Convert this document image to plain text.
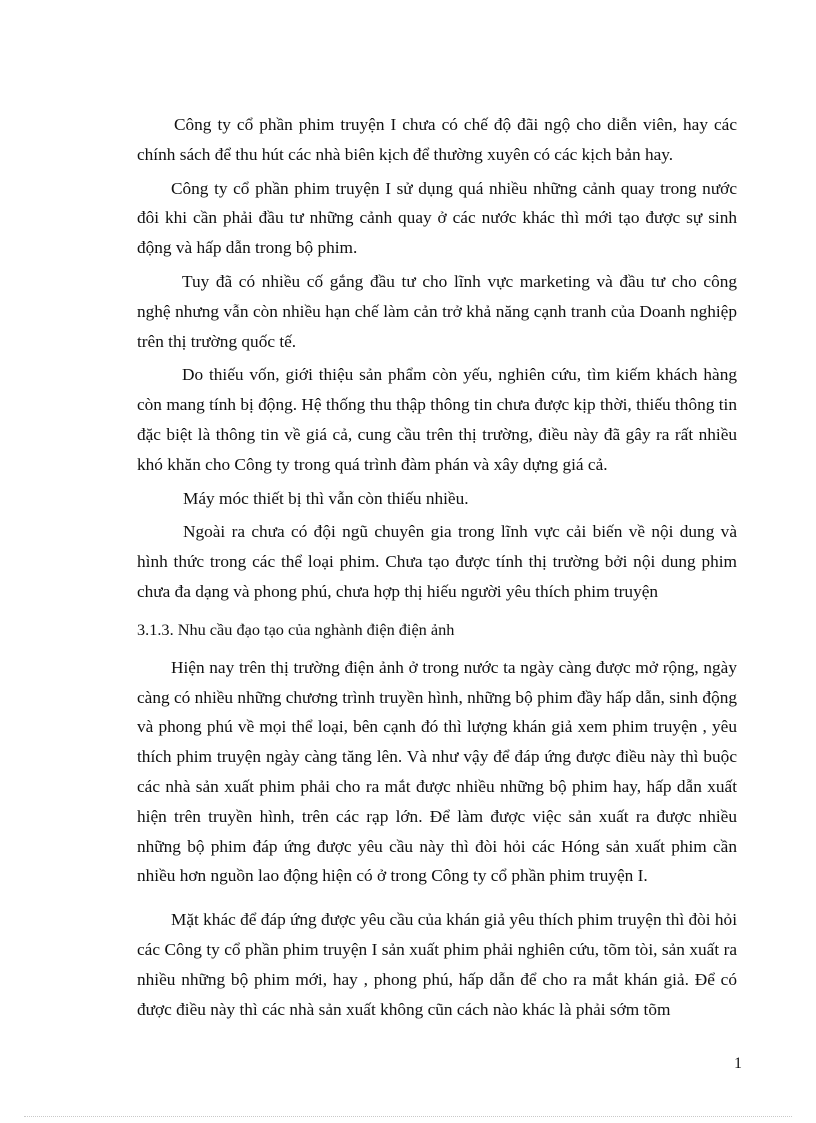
Công ty cổ phần phim truyện I chưa có chế độ đãi ngộ cho diễn viên, hay các chính sách để thu hút các nhà biên kịch để thường xuyên có các kịch bản hay.

Công ty cổ phần phim truyện I sử dụng quá nhiều những cảnh quay trong nước đôi khi cần phải đầu tư những cảnh quay ở các nước khác thì mới tạo được sự sinh động và hấp dẫn trong bộ phim.

Tuy đã có nhiều cố gắng đầu tư cho lĩnh vực marketing và đầu tư cho công nghệ nhưng vẫn còn nhiều hạn chế làm cản trở khả năng cạnh tranh của Doanh nghiệp trên thị trường quốc tế.

Do thiếu vốn, giới thiệu sản phẩm còn yếu, nghiên cứu, tìm kiếm khách hàng còn mang tính bị động. Hệ thống thu thập thông tin chưa được kịp thời, thiếu thông tin đặc biệt là thông tin về giá cả, cung cầu trên thị trường, điều này đã gây ra rất nhiều khó khăn cho Công ty trong quá trình đàm phán và xây dựng giá cả.

Máy móc thiết bị thì vẫn còn thiếu nhiều.

Ngoài ra chưa có đội ngũ chuyên gia trong lĩnh vực cải biến về nội dung và hình thức trong các thể loại phim. Chưa tạo được tính thị trường bởi nội dung phim chưa đa dạng và phong phú, chưa hợp thị hiếu người yêu thích phim truyện

3.1.3. Nhu cầu đạo tạo của nghành điện điện ảnh

Hiện nay trên thị trường điện ảnh ở trong nước ta ngày càng được mở rộng, ngày càng có nhiều những chương trình truyền hình, những bộ phim đầy hấp dẫn, sinh động và phong phú về mọi thể loại, bên cạnh đó thì lượng khán giả xem phim truyện , yêu thích phim truyện ngày càng tăng lên. Và như vậy để đáp ứng được điều này thì buộc các nhà sản xuất phim phải cho ra mắt được nhiều những bộ phim hay, hấp dẫn xuất hiện trên truyền hình, trên các rạp lớn. Để làm được việc sản xuất ra được nhiều những bộ phim đáp ứng được yêu cầu này thì đòi hỏi các Hóng sản xuất phim cần nhiều hơn nguồn lao động hiện có ở trong Công ty cổ phần phim truyện I.

Mặt khác để đáp ứng được yêu cầu của khán giả yêu thích phim truyện thì đòi hỏi các Công ty cổ phần phim truyện I sản xuất phim phải nghiên cứu, tõm tòi, sản xuất ra nhiều những bộ phim mới, hay , phong phú, hấp dẫn để cho ra mắt khán giả. Để có được điều này thì các nhà sản xuất không cũn cách nào khác là phải sớm tõm

1
